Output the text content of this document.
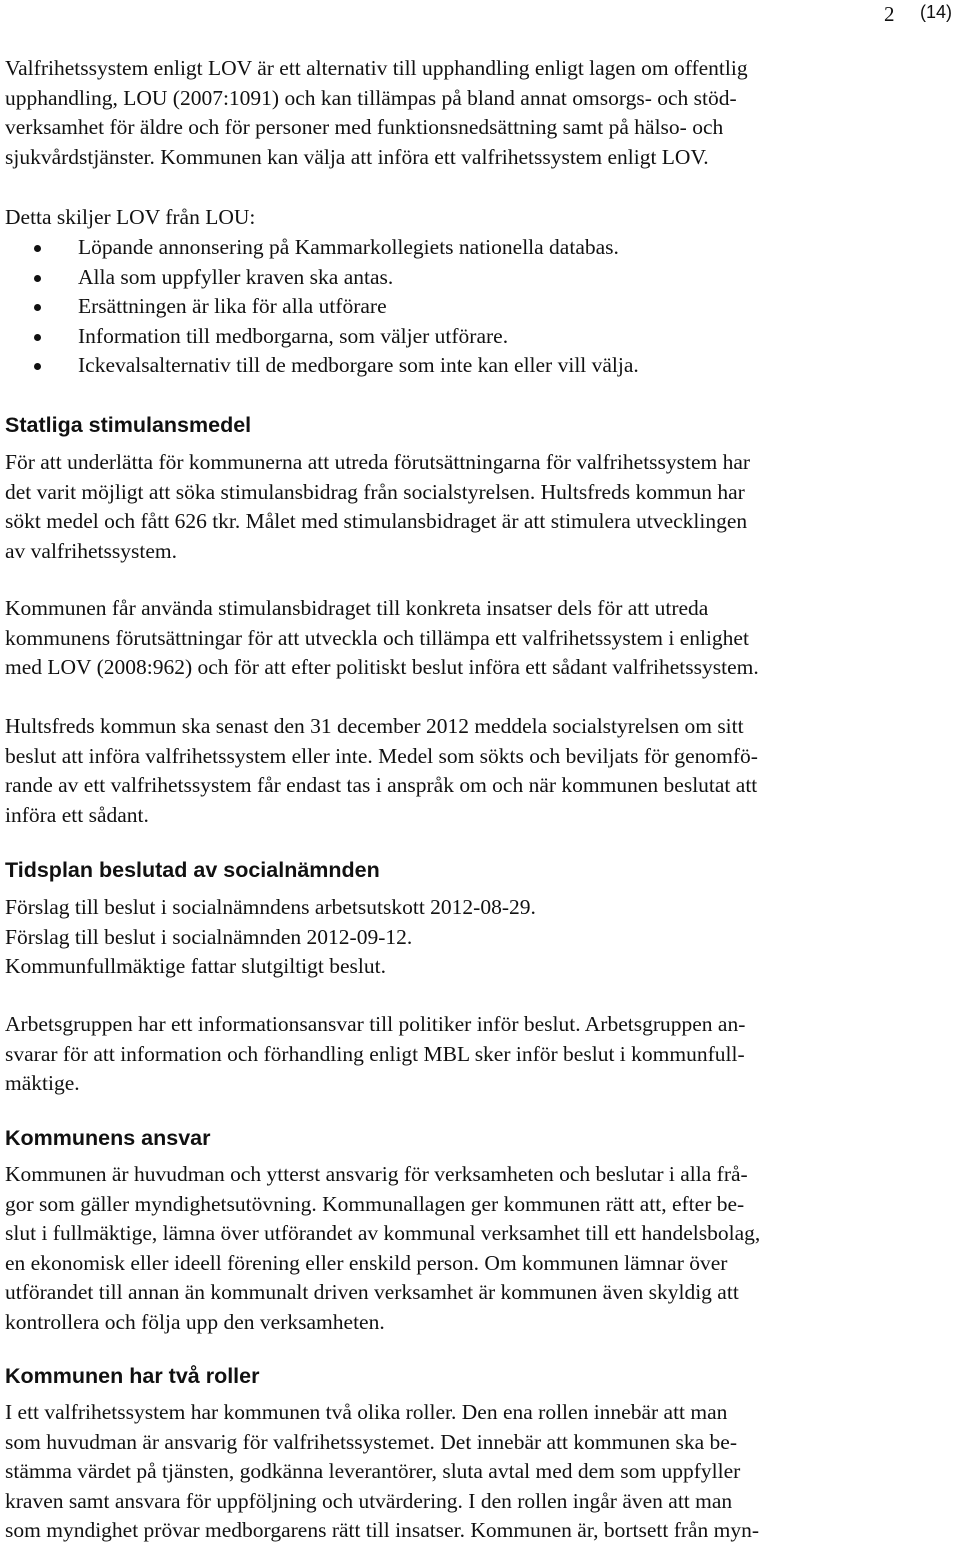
2 (14)
Valfrihetssystem enligt LOV är ett alternativ till upphandling enligt lagen om offentlig
upphandling, LOU (2007:1091) och kan tillämpas på bland annat omsorgs- och stöd-
verksamhet för äldre och för personer med funktionsnedsättning samt på hälso- och
sjukvårdstjänster. Kommunen kan välja att införa ett valfrihetssystem enligt LOV.
Detta skiljer LOV från LOU:
Löpande annonsering på Kammarkollegiets nationella databas.
Alla som uppfyller kraven ska antas.
Ersättningen är lika för alla utförare
Information till medborgarna, som väljer utförare.
Ickevalsalternativ till de medborgare som inte kan eller vill välja.
Statliga stimulansmedel
För att underlätta för kommunerna att utreda förutsättningarna för valfrihetssystem har
det varit möjligt att söka stimulansbidrag från socialstyrelsen. Hultsfreds kommun har
sökt medel och fått 626 tkr. Målet med stimulansbidraget är att stimulera utvecklingen
av valfrihetssystem.
Kommunen får använda stimulansbidraget till konkreta insatser dels för att utreda
kommunens förutsättningar för att utveckla och tillämpa ett valfrihetssystem i enlighet
med LOV (2008:962) och för att efter politiskt beslut införa ett sådant valfrihetssystem.
Hultsfreds kommun ska senast den 31 december 2012 meddela socialstyrelsen om sitt
beslut att införa valfrihetssystem eller inte. Medel som sökts och beviljats för genomfö-
rande av ett valfrihetssystem får endast tas i anspråk om och när kommunen beslutat att
införa ett sådant.
Tidsplan beslutad av socialnämnden
Förslag till beslut i socialnämndens arbetsutskott 2012-08-29.
Förslag till beslut i socialnämnden 2012-09-12.
Kommunfullmäktige fattar slutgiltigt beslut.
Arbetsgruppen har ett informationsansvar till politiker inför beslut. Arbetsgruppen an-
svarar för att information och förhandling enligt MBL sker inför beslut i kommunfull-
mäktige.
Kommunens ansvar
Kommunen är huvudman och ytterst ansvarig för verksamheten och beslutar i alla frå-
gor som gäller myndighetsutövning. Kommunallagen ger kommunen rätt att, efter be-
slut i fullmäktige, lämna över utförandet av kommunal verksamhet till ett handelsbolag,
en ekonomisk eller ideell förening eller enskild person. Om kommunen lämnar över
utförandet till annan än kommunalt driven verksamhet är kommunen även skyldig att
kontrollera och följa upp den verksamheten.
Kommunen har två roller
I ett valfrihetssystem har kommunen två olika roller. Den ena rollen innebär att man
som huvudman är ansvarig för valfrihetssystemet. Det innebär att kommunen ska be-
stämma värdet på tjänsten, godkänna leverantörer, sluta avtal med dem som uppfyller
kraven samt ansvara för uppföljning och utvärdering. I den rollen ingår även att man
som myndighet prövar medborgarens rätt till insatser. Kommunen är, bortsett från myn-
